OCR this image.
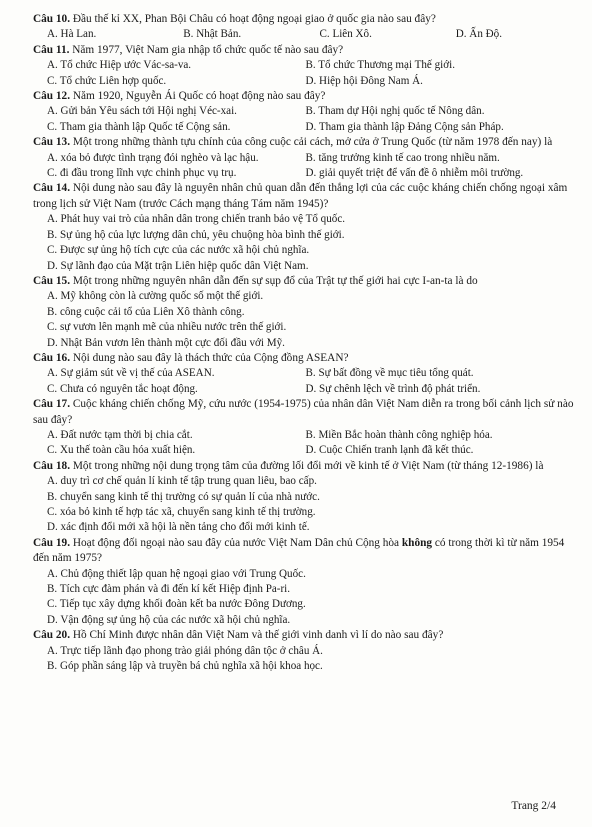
Câu 10. Đầu thế kỉ XX, Phan Bội Châu có hoạt động ngoại giao ở quốc gia nào sau đây?

A. Hà Lan.	B. Nhật Bản.	C. Liên Xô.	D. Ấn Độ.

Câu 11. Năm 1977, Việt Nam gia nhập tổ chức quốc tế nào sau đây?

A. Tổ chức Hiệp ước Vác-sa-va.	B. Tổ chức Thương mại Thế giới.
C. Tổ chức Liên hợp quốc.	D. Hiệp hội Đông Nam Á.

Câu 12. Năm 1920, Nguyễn Ái Quốc có hoạt động nào sau đây?

A. Gửi bản Yêu sách tới Hội nghị Véc-xai.	B. Tham dự Hội nghị quốc tế Nông dân.
C. Tham gia thành lập Quốc tế Cộng sản.	D. Tham gia thành lập Đảng Cộng sản Pháp.

Câu 13. Một trong những thành tựu chính của công cuộc cải cách, mở cửa ở Trung Quốc (từ năm 1978 đến nay) là

A. xóa bỏ được tình trạng đói nghèo và lạc hậu.	B. tăng trưởng kinh tế cao trong nhiều năm.
C. đi đầu trong lĩnh vực chinh phục vụ trụ.	D. giải quyết triệt để vấn đề ô nhiễm môi trường.

Câu 14. Nội dung nào sau đây là nguyên nhân chủ quan dẫn đến thắng lợi của các cuộc kháng chiến chống ngoại xâm trong lịch sử Việt Nam (trước Cách mạng tháng Tám năm 1945)?

A. Phát huy vai trò của nhân dân trong chiến tranh bảo vệ Tổ quốc.
B. Sự ủng hộ của lực lượng dân chủ, yêu chuộng hòa bình thế giới.
C. Được sự ủng hộ tích cực của các nước xã hội chủ nghĩa.
D. Sự lãnh đạo của Mặt trận Liên hiệp quốc dân Việt Nam.

Câu 15. Một trong những nguyên nhân dẫn đến sự sụp đổ của Trật tự thế giới hai cực I-an-ta là do

A. Mỹ không còn là cường quốc số một thế giới.
B. công cuộc cải tổ của Liên Xô thành công.
C. sự vươn lên mạnh mẽ của nhiều nước trên thế giới.
D. Nhật Bản vươn lên thành một cực đối đầu với Mỹ.

Câu 16. Nội dung nào sau đây là thách thức của Cộng đồng ASEAN?

A. Sự giảm sút về vị thế của ASEAN.	B. Sự bất đồng về mục tiêu tổng quát.
C. Chưa có nguyên tắc hoạt động.	D. Sự chênh lệch về trình độ phát triển.

Câu 17. Cuộc kháng chiến chống Mỹ, cứu nước (1954-1975) của nhân dân Việt Nam diễn ra trong bối cảnh lịch sử nào sau đây?

A. Đất nước tạm thời bị chia cắt.	B. Miền Bắc hoàn thành công nghiệp hóa.
C. Xu thế toàn cầu hóa xuất hiện.	D. Cuộc Chiến tranh lạnh đã kết thúc.

Câu 18. Một trong những nội dung trọng tâm của đường lối đổi mới về kinh tế ở Việt Nam (từ tháng 12-1986) là

A. duy trì cơ chế quản lí kinh tế tập trung quan liêu, bao cấp.
B. chuyển sang kinh tế thị trường có sự quản lí của nhà nước.
C. xóa bỏ kinh tế hợp tác xã, chuyển sang kinh tế thị trường.
D. xác định đổi mới xã hội là nền tảng cho đổi mới kinh tế.

Câu 19. Hoạt động đối ngoại nào sau đây của nước Việt Nam Dân chủ Cộng hòa không có trong thời kì từ năm 1954 đến năm 1975?

A. Chủ động thiết lập quan hệ ngoại giao với Trung Quốc.
B. Tích cực đàm phán và đi đến kí kết Hiệp định Pa-ri.
C. Tiếp tục xây dựng khối đoàn kết ba nước Đông Dương.
D. Vận động sự ủng hộ của các nước xã hội chủ nghĩa.

Câu 20. Hồ Chí Minh được nhân dân Việt Nam và thế giới vinh danh vì lí do nào sau đây?

A. Trực tiếp lãnh đạo phong trào giải phóng dân tộc ở châu Á.
B. Góp phần sáng lập và truyền bá chủ nghĩa xã hội khoa học.
Trang 2/4
